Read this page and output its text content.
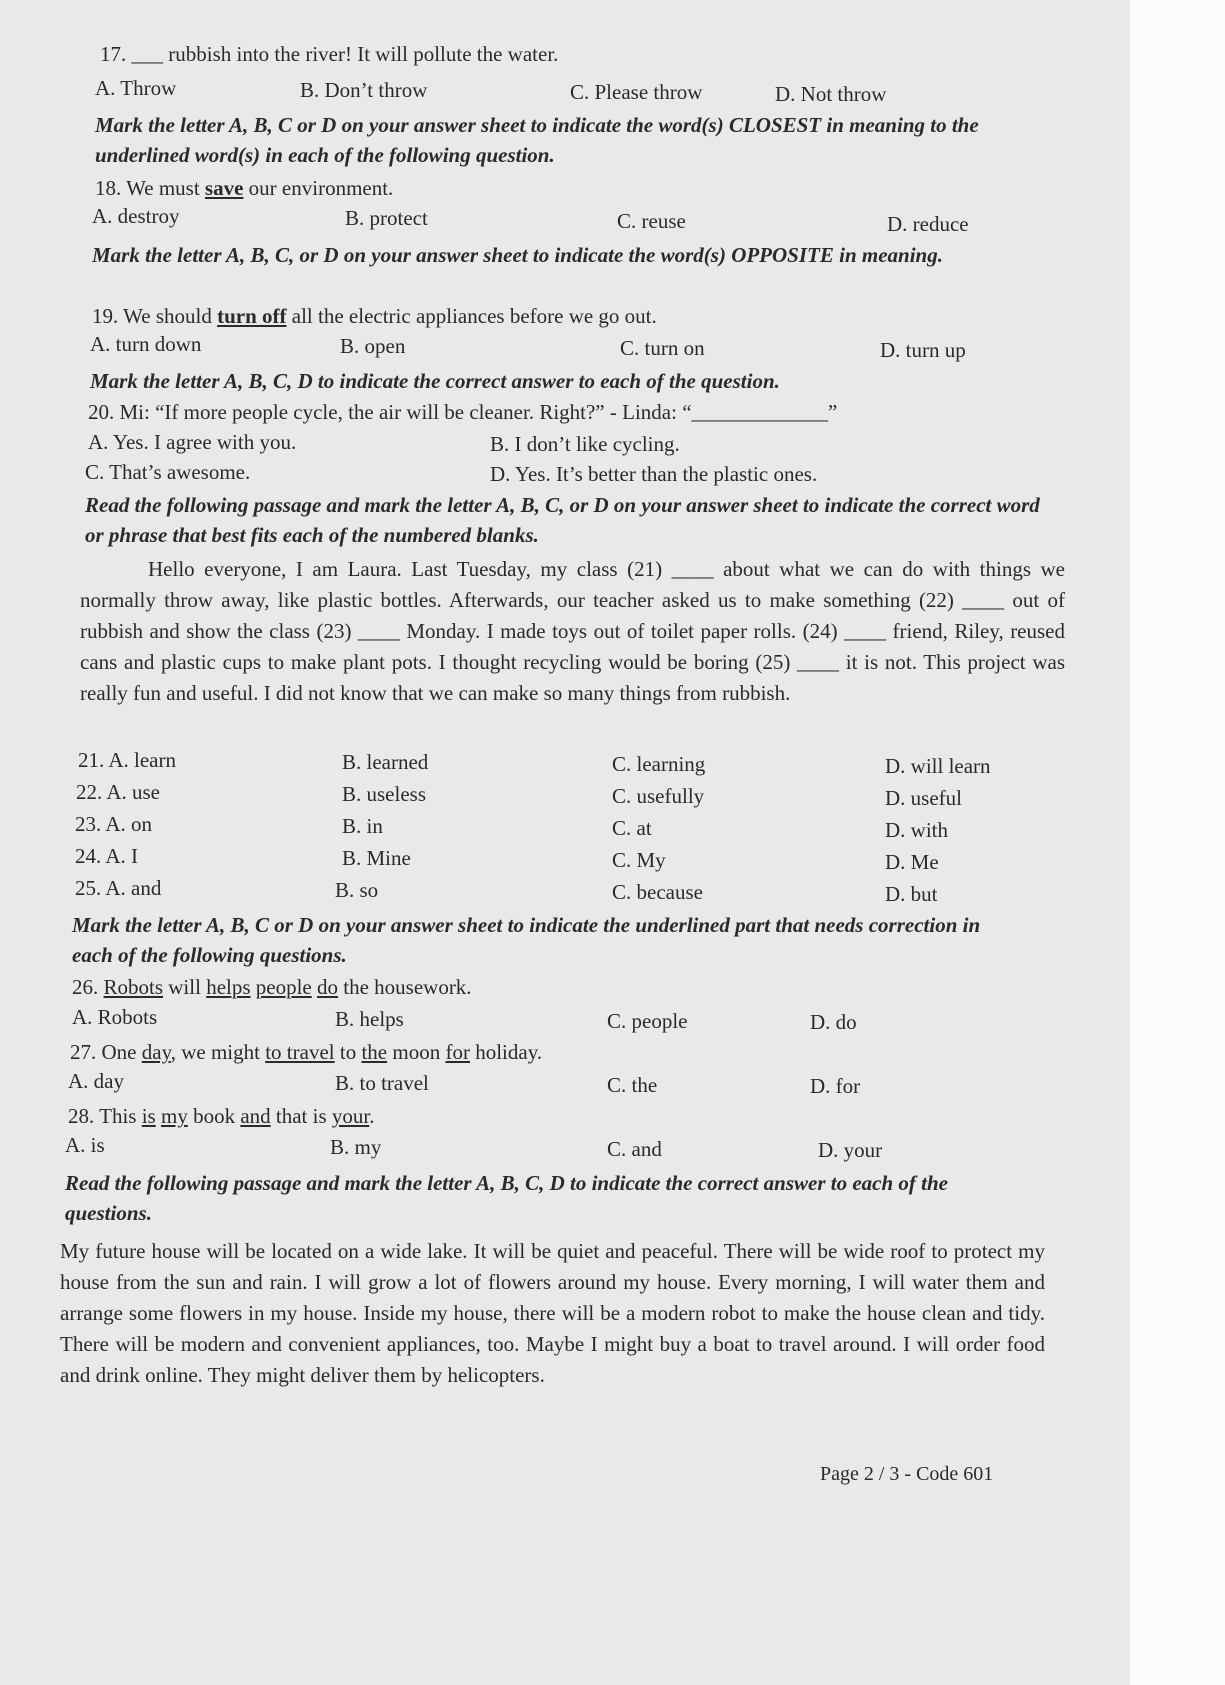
17. ___ rubbish into the river! It will pollute the water.
A. Throw	B. Don’t throw	C. Please throw	D. Not throw
Mark the letter A, B, C or D on your answer sheet to indicate the word(s) CLOSEST in meaning to the underlined word(s) in each of the following question.
18. We must save our environment.
A. destroy	B. protect	C. reuse	D. reduce
Mark the letter A, B, C, or D on your answer sheet to indicate the word(s) OPPOSITE in meaning.
19. We should turn off all the electric appliances before we go out.
A. turn down	B. open	C. turn on	D. turn up
Mark the letter A, B, C, D to indicate the correct answer to each of the question.
20. Mi: “If more people cycle, the air will be cleaner. Right?” - Linda: “_____________”
A. Yes. I agree with you.	B. I don’t like cycling.
C. That’s awesome.	D. Yes. It’s better than the plastic ones.
Read the following passage and mark the letter A, B, C, or D on your answer sheet to indicate the correct word or phrase that best fits each of the numbered blanks.
Hello everyone, I am Laura. Last Tuesday, my class (21) ____ about what we can do with things we normally throw away, like plastic bottles. Afterwards, our teacher asked us to make something (22) ____ out of rubbish and show the class (23) ____ Monday. I made toys out of toilet paper rolls. (24) ____ friend, Riley, reused cans and plastic cups to make plant pots. I thought recycling would be boring (25) ____ it is not. This project was really fun and useful. I did not know that we can make so many things from rubbish.
21. A. learn	B. learned	C. learning	D. will learn
22. A. use	B. useless	C. usefully	D. useful
23. A. on	B. in	C. at	D. with
24. A. I	B. Mine	C. My	D. Me
25. A. and	B. so	C. because	D. but
Mark the letter A, B, C or D on your answer sheet to indicate the underlined part that needs correction in each of the following questions.
26. Robots will helps people do the housework.
A. Robots	B. helps	C. people	D. do
27. One day, we might to travel to the moon for holiday.
A. day	B. to travel	C. the	D. for
28. This is my book and that is your.
A. is	B. my	C. and	D. your
Read the following passage and mark the letter A, B, C, D to indicate the correct answer to each of the questions.
My future house will be located on a wide lake. It will be quiet and peaceful. There will be wide roof to protect my house from the sun and rain. I will grow a lot of flowers around my house. Every morning, I will water them and arrange some flowers in my house. Inside my house, there will be a modern robot to make the house clean and tidy. There will be modern and convenient appliances, too. Maybe I might buy a boat to travel around. I will order food and drink online. They might deliver them by helicopters.
Page 2 / 3 - Code 601
